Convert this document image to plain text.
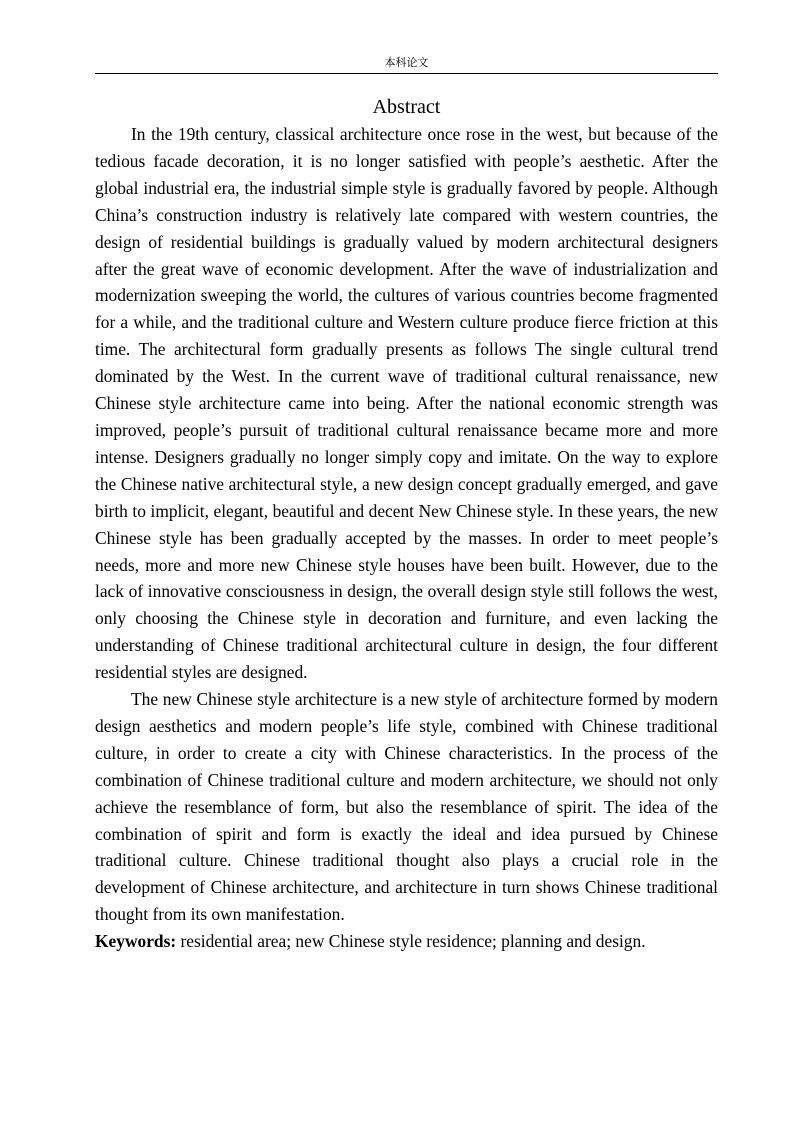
本科论文
Abstract

In the 19th century, classical architecture once rose in the west, but because of the tedious facade decoration, it is no longer satisfied with people’s aesthetic. After the global industrial era, the industrial simple style is gradually favored by people. Although China’s construction industry is relatively late compared with western countries, the design of residential buildings is gradually valued by modern architectural designers after the great wave of economic development. After the wave of industrialization and modernization sweeping the world, the cultures of various countries become fragmented for a while, and the traditional culture and Western culture produce fierce friction at this time. The architectural form gradually presents as follows The single cultural trend dominated by the West. In the current wave of traditional cultural renaissance, new Chinese style architecture came into being. After the national economic strength was improved, people’s pursuit of traditional cultural renaissance became more and more intense. Designers gradually no longer simply copy and imitate. On the way to explore the Chinese native architectural style, a new design concept gradually emerged, and gave birth to implicit, elegant, beautiful and decent New Chinese style. In these years, the new Chinese style has been gradually accepted by the masses. In order to meet people’s needs, more and more new Chinese style houses have been built. However, due to the lack of innovative consciousness in design, the overall design style still follows the west, only choosing the Chinese style in decoration and furniture, and even lacking the understanding of Chinese traditional architectural culture in design, the four different residential styles are designed.

The new Chinese style architecture is a new style of architecture formed by modern design aesthetics and modern people’s life style, combined with Chinese traditional culture, in order to create a city with Chinese characteristics. In the process of the combination of Chinese traditional culture and modern architecture, we should not only achieve the resemblance of form, but also the resemblance of spirit. The idea of the combination of spirit and form is exactly the ideal and idea pursued by Chinese traditional culture. Chinese traditional thought also plays a crucial role in the development of Chinese architecture, and architecture in turn shows Chinese traditional thought from its own manifestation.

Keywords: residential area; new Chinese style residence; planning and design.
